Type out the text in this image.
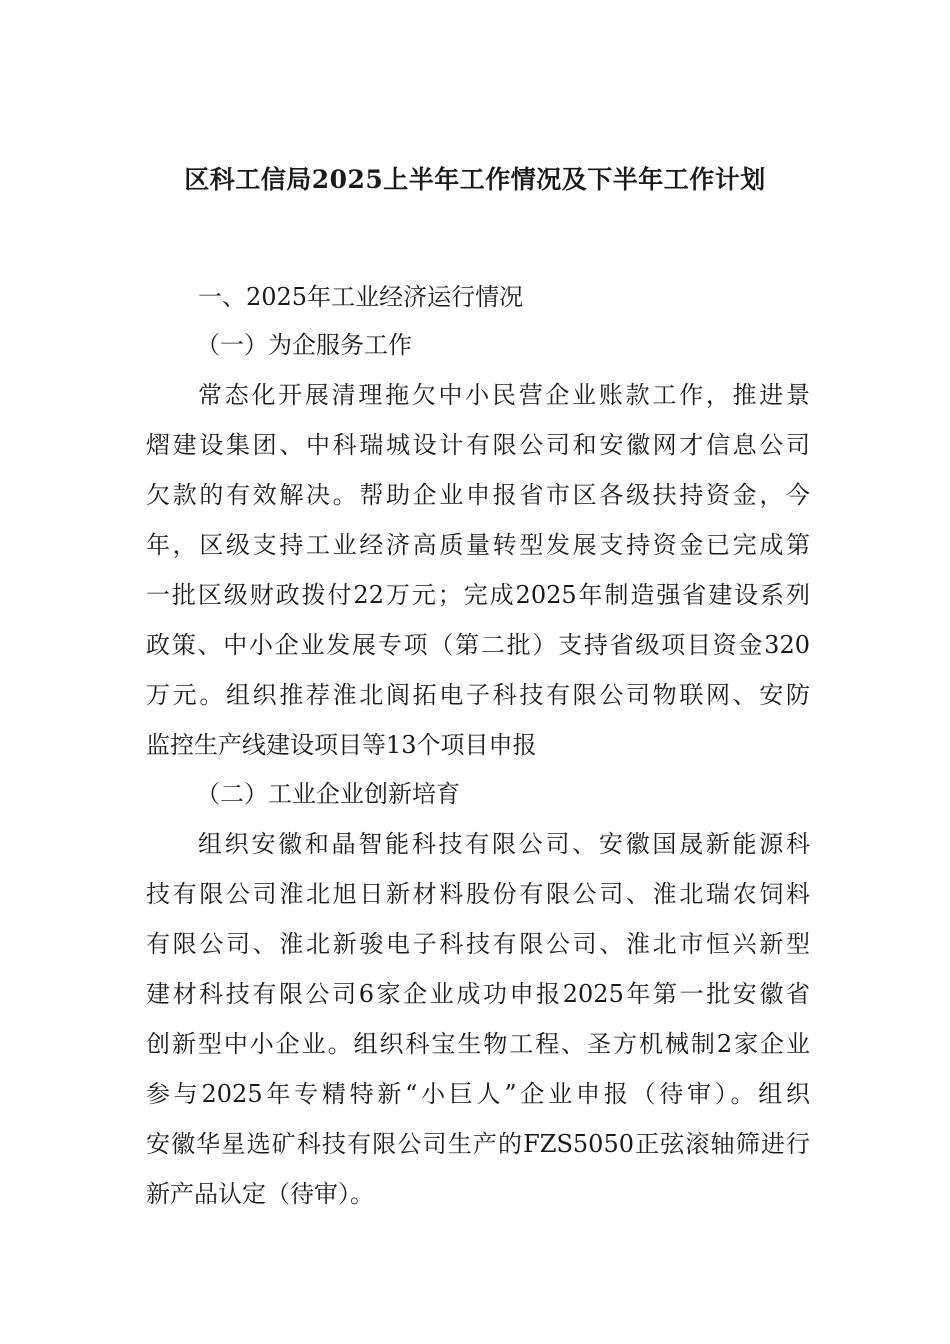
区科工信局2025上半年工作情况及下半年工作计划

一、2025年工业经济运行情况

（一）为企服务工作

常态化开展清理拖欠中小民营企业账款工作，推进景

熠建设集团、中科瑞城设计有限公司和安徽网才信息公司

欠款的有效解决。帮助企业申报省市区各级扶持资金，今

年，区级支持工业经济高质量转型发展支持资金已完成第

一批区级财政拨付22万元；完成2025年制造强省建设系列

政策、中小企业发展专项（第二批）支持省级项目资金320

万元。组织推荐淮北阆拓电子科技有限公司物联网、安防

监控生产线建设项目等13个项目申报

（二）工业企业创新培育

组织安徽和晶智能科技有限公司、安徽国晟新能源科

技有限公司淮北旭日新材料股份有限公司、淮北瑞农饲料

有限公司、淮北新骏电子科技有限公司、淮北市恒兴新型

建材科技有限公司6家企业成功申报2025年第一批安徽省

创新型中小企业。组织科宝生物工程、圣方机械制2家企业

参与2025年专精特新“小巨人”企业申报（待审）。组织

安徽华星选矿科技有限公司生产的FZS5050正弦滚轴筛进行

新产品认定（待审）。
